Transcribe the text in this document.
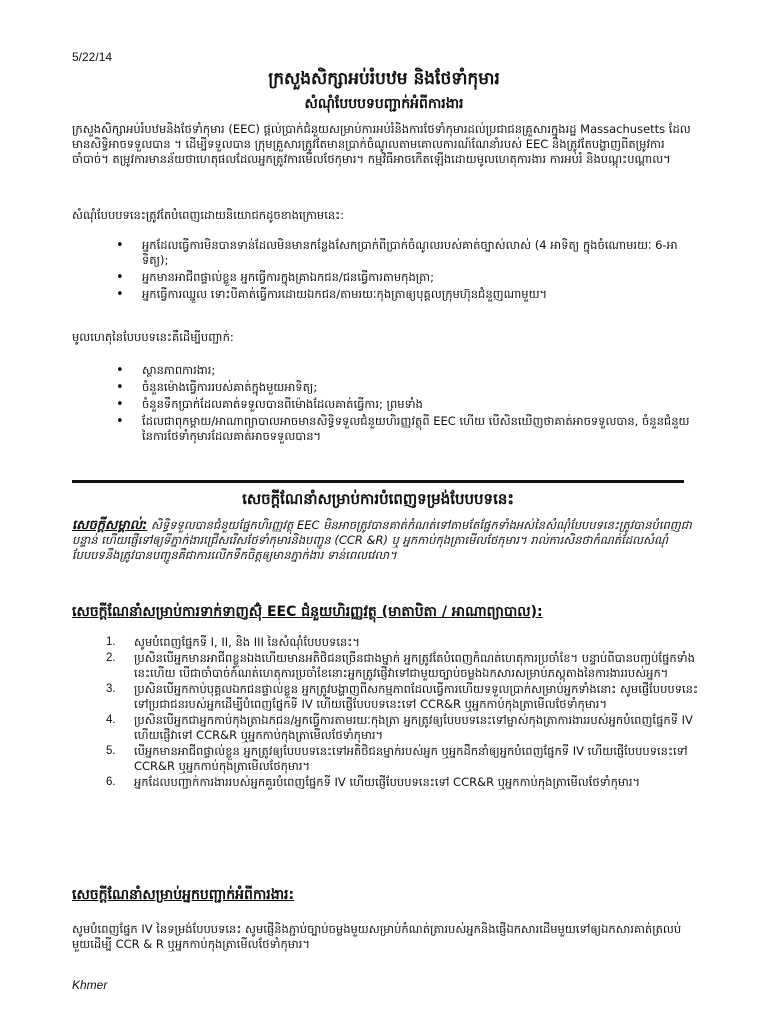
5/22/14
ក្រសួងសិក្សាអប់រំបឋម និងថែទាំកុមារ
សំណុំបែបបទបញ្ជាក់អំពីការងារ
ក្រសួងសិក្សាអប់រំបឋមនិងថែទាំកុមារ (EEC) ផ្ដល់ប្រាក់ជំនួយសម្រាប់ការអប់រំនិងការថែទាំកុមារដល់ប្រជាជនគ្រួសារក្នុងរដ្ឋ Massachusetts ដែលមានសិទ្ធិអាចទទួលបាន ។ ដើម្បីទទួលបាន ក្រុមគ្រួសារត្រូវតែមានប្រាក់ចំណូលតាមគោលការណ៍ណែនាំរបស់ EEC និងត្រូវតែបង្ហាញពីតម្រូវការចាំបាច់។ តម្រូវការមានន័យថាហេតុផលដែលអ្នកត្រូវការមើលថែកុមារ។ កម្មវិធីអាចកើតឡើងដោយមូលហេតុការងារ ការអប់រំ និងបណ្តុះបណ្តាល។
សំណុំបែបបទនេះត្រូវតែបំពេញដោយនិយោជកដូចខាងក្រោមនេះ:
• អ្នកដែលធ្វើការមិនបានទាន់ដែលមិនមានកន្លែងសែកប្រាក់ពីប្រាក់ចំណូលរបស់គាត់ច្បាស់លាស់ (4 អាទិត្យ ក្នុងចំណោមរយៈ 6-អាទិត្យ);
• អ្នកមានអាជីពផ្ទាល់ខ្លួន អ្នកធ្វើការក្នុងគ្រាឯកជន/ជនធ្វើការតាមកុងត្រា;
• អ្នកធ្វើការឈ្នួល ទោះបីគាត់ធ្វើការដោយឯកជន/តាមរយៈកុងត្រាឲ្យបុគ្គលក្រុមហ៊ុនជំនួញណាមួយ។
មូលហេតុនៃបែបបទនេះគឺដើម្បីបញ្ជាក់:
• ស្ថានភាពការងារ;
• ចំនួនម៉ោងធ្វើការរបស់គាត់ក្នុងមួយអាទិត្យ;
• ចំនួនទឹកប្រាក់ដែលគាត់ទទួលបានពីម៉ោងដែលគាត់ធ្វើការ; ព្រមទាំង
• ដែលជាពុកម្ដាយ/អាណាព្យាបាលអាចមានសិទ្ធិទទួលជំនួយហិរញ្ញវត្ថុពី EEC ហើយ បើសិនឃើញថាគាត់អាចទទួលបាន, ចំនួនជំនួយនៃការថែទាំកុមារដែលគាត់អាចទទួលបាន។
សេចក្ដីណែនាំសម្រាប់ការបំពេញទម្រង់បែបបទនេះ
សេចក្ដីសម្គាល់: សិទ្ធិទទួលបានជំនួយផ្នែកហិរញ្ញវត្ថុ EEC មិនអាចត្រូវបានគាត់កំណត់ទៅតាមតែផ្នែកទាំងអស់នៃសំណុំបែបបទនេះត្រូវបានបំពេញជាបន្ទាន់ ហើយផ្ញើទៅឲ្យទីភ្នាក់ងារជ្រើសរើសថែទាំកុមារនិងបញ្ជូន (CCR &R) ឬ អ្នកកាប់កុងត្រាមើលថែកុមារ។ រាល់ការសិនថាកំណត់ដែលសំណុំបែបបទនឹងត្រូវបានបញ្ជូនគឺជាការលើកទឹកចិត្តឲ្យមានភ្នាក់ងារ ទាន់ពេលវេលា។
សេចក្ដីណែនាំសម្រាប់ការទាក់ទាញស៊ុំ EEC ជំនួយហិរញ្ញវត្ថុ (មាតាបិតា / អាណាព្យាបាល):
1. សូមបំពេញផ្នែកទី I, II, និង III នៃសំណុំបែបបទនេះ។
2. ប្រសិនបើអ្នកមានអាជីពខ្លួនឯងហើយមានអតិថិជនច្រើនជាងម្នាក់ អ្នកត្រូវតែបំពេញកំណត់ហេតុការប្រចាំខែ។ បន្ទាប់ពីបានបញ្ចប់ផ្នែកទាំងនេះហើយ បើជាចាំបាច់កំណត់ហេតុការប្រចាំខែនោះអ្នកត្រូវផ្ញើវាទៅជាមួយច្បាប់ចម្លងឯកសារសម្រាប់ភស្តុតាងនៃការងាររបស់អ្នក។
3. ប្រសិនបើអ្នកកាប់បុគ្គលឯកជនផ្ទាល់ខ្លួន អ្នកត្រូវបង្ហាញពីសកម្មភាពដែលធ្វើការហើយទទួលប្រាក់សម្រាប់អ្នកទាំងនោះ សូមផ្ញើបែបបទនេះទៅប្រជាជនរបស់អ្នកដើម្បីបំពេញផ្នែកទី IV ហើយផ្ញើបែបបទនេះទៅ CCR&R ឬអ្នកកាប់កុងត្រាមើលថែទាំកុមារ។
4. ប្រសិនបើអ្នកជាអ្នកកាប់កុងត្រាឯកជន/អ្នកធ្វើការតាមរយៈកុងត្រា អ្នកត្រូវឲ្យបែបបទនេះទៅម្ចាស់កុងត្រាការងាររបស់អ្នកបំពេញផ្នែកទី IV ហើយផ្ញើវាទៅ CCR&R ឬអ្នកកាប់កុងត្រាមើលថែទាំកុមារ។
5. បើអ្នកមានអាជីពផ្ទាល់ខ្លួន អ្នកត្រូវឲ្យបែបបទនេះទៅអតិថិជនម្នាក់របស់អ្នក ឬអ្នកដឹកនាំឲ្យអ្នកបំពេញផ្នែកទី IV ហើយផ្ញើបែបបទនេះទៅ CCR&R ឬអ្នកកាប់កុងត្រាមើលថែកុមារ។
6. អ្នកដែលបញ្ជាក់ការងាររបស់អ្នកគួរបំពេញផ្នែកទី IV ហើយផ្ញើបែបបទនេះទៅ CCR&R ឬអ្នកកាប់កុងត្រាមើលថែទាំកុមារ។
សេចក្ដីណែនាំសម្រាប់អ្នកបញ្ជាក់អំពីការងារ:
សូមបំពេញផ្នែក IV នៃទម្រង់បែបបទនេះ សូមផ្ញើនិងភ្ជាប់ច្បាប់ចម្លងមួយសម្រាប់កំណត់ត្រារបស់អ្នកនិងផ្ញើឯកសារដើមមួយទៅឲ្យឯកសារគាត់ត្រលប់មួយដើម្បី CCR & R ឬអ្នកកាប់កុងត្រាមើលថែទាំកុមារ។
Khmer
